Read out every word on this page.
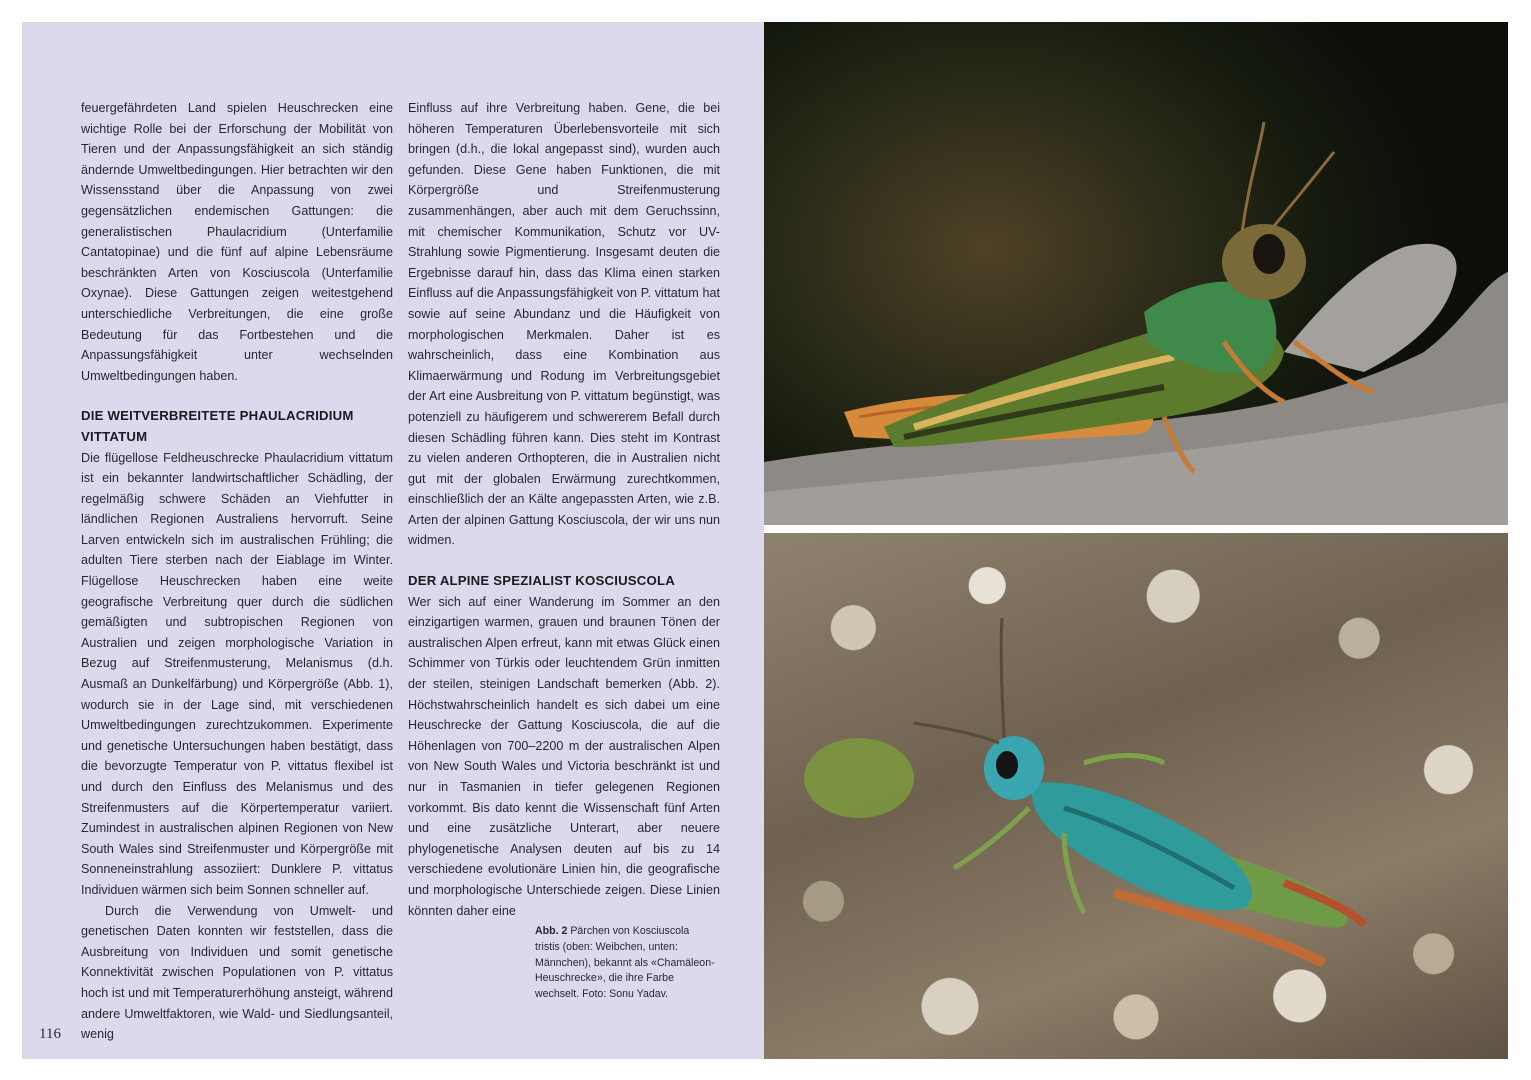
feuergefährdeten Land spielen Heuschrecken eine wichtige Rolle bei der Erforschung der Mobilität von Tieren und der Anpassungsfähigkeit an sich ständig ändernde Umweltbedingungen. Hier betrachten wir den Wissensstand über die Anpassung von zwei gegensätzlichen endemischen Gattungen: die generalistischen Phaulacridium (Unterfamilie Cantatopinae) und die fünf auf alpine Lebensräume beschränkten Arten von Kosciuscola (Unterfamilie Oxynae). Diese Gattungen zeigen weitestgehend unterschiedliche Verbreitungen, die eine große Bedeutung für das Fortbestehen und die Anpassungsfähigkeit unter wechselnden Umweltbedingungen haben.

DIE WEITVERBREITETE PHAULACRIDIUM VITTATUM

Die flügellose Feldheuschrecke Phaulacridium vittatum ist ein bekannter landwirtschaftlicher Schädling, der regelmäßig schwere Schäden an Viehfutter in ländlichen Regionen Australiens hervorruft. Seine Larven entwickeln sich im australischen Frühling; die adulten Tiere sterben nach der Eiablage im Winter. Flügellose Heuschrecken haben eine weite geografische Verbreitung quer durch die südlichen gemäßigten und subtropischen Regionen von Australien und zeigen morphologische Variation in Bezug auf Streifenmusterung, Melanismus (d.h. Ausmaß an Dunkelfärbung) und Körpergröße (Abb. 1), wodurch sie in der Lage sind, mit verschiedenen Umweltbedingungen zurechtzukommen. Experimente und genetische Untersuchungen haben bestätigt, dass die bevorzugte Temperatur von P. vittatus flexibel ist und durch den Einfluss des Melanismus und des Streifenmusters auf die Körpertemperatur variiert. Zumindest in australischen alpinen Regionen von New South Wales sind Streifenmuster und Körpergröße mit Sonneneinstrahlung assoziiert: Dunklere P. vittatus Individuen wärmen sich beim Sonnen schneller auf.

Durch die Verwendung von Umwelt- und genetischen Daten konnten wir feststellen, dass die Ausbreitung von Individuen und somit genetische Konnektivität zwischen Populationen von P. vittatus hoch ist und mit Temperaturerhöhung ansteigt, während andere Umweltfaktoren, wie Wald- und Siedlungsanteil, wenig

Einfluss auf ihre Verbreitung haben. Gene, die bei höheren Temperaturen Überlebensvorteile mit sich bringen (d.h., die lokal angepasst sind), wurden auch gefunden. Diese Gene haben Funktionen, die mit Körpergröße und Streifenmusterung zusammenhängen, aber auch mit dem Geruchssinn, mit chemischer Kommunikation, Schutz vor UV-Strahlung sowie Pigmentierung. Insgesamt deuten die Ergebnisse darauf hin, dass das Klima einen starken Einfluss auf die Anpassungsfähigkeit von P. vittatum hat sowie auf seine Abundanz und die Häufigkeit von morphologischen Merkmalen. Daher ist es wahrscheinlich, dass eine Kombination aus Klimaerwärmung und Rodung im Verbreitungsgebiet der Art eine Ausbreitung von P. vittatum begünstigt, was potenziell zu häufigerem und schwererem Befall durch diesen Schädling führen kann. Dies steht im Kontrast zu vielen anderen Orthopteren, die in Australien nicht gut mit der globalen Erwärmung zurechtkommen, einschließlich der an Kälte angepassten Arten, wie z.B. Arten der alpinen Gattung Kosciuscola, der wir uns nun widmen.

DER ALPINE SPEZIALIST KOSCIUSCOLA

Wer sich auf einer Wanderung im Sommer an den einzigartigen warmen, grauen und braunen Tönen der australischen Alpen erfreut, kann mit etwas Glück einen Schimmer von Türkis oder leuchtendem Grün inmitten der steilen, steinigen Landschaft bemerken (Abb. 2). Höchstwahrscheinlich handelt es sich dabei um eine Heuschrecke der Gattung Kosciuscola, die auf die Höhenlagen von 700–2200 m der australischen Alpen von New South Wales und Victoria beschränkt ist und nur in Tasmanien in tiefer gelegenen Regionen vorkommt. Bis dato kennt die Wissenschaft fünf Arten und eine zusätzliche Unterart, aber neuere phylogenetische Analysen deuten auf bis zu 14 verschiedene evolutionäre Linien hin, die geografische und morphologische Unterschiede zeigen. Diese Linien könnten daher eine

Abb. 2 Pärchen von Kosciuscola tristis (oben: Weibchen, unten: Männchen), bekannt als «Chamäleon-Heuschrecke», die ihre Farbe wechselt. Foto: Sonu Yadav.
116
